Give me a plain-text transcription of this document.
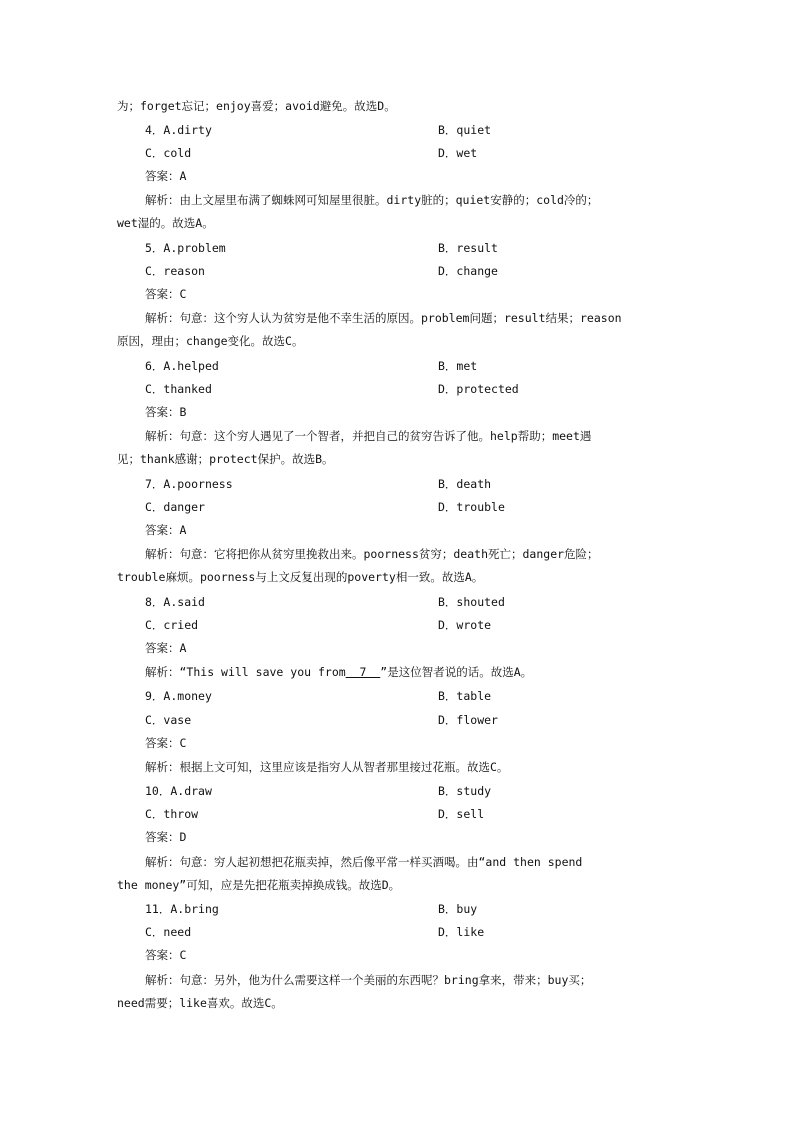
为；forget忘记；enjoy喜爱；avoid避免。故选D。
4．A.dirty	B．quiet
C．cold	D．wet
答案：A
解析：由上文屋里布满了蜘蛛网可知屋里很脏。dirty脏的；quiet安静的；cold冷的；
wet湿的。故选A。
5．A.problem	B．result
C．reason	D．change
答案：C
解析：句意：这个穷人认为贫穷是他不幸生活的原因。problem问题；result结果；reason
原因，理由；change变化。故选C。
6．A.helped	B．met
C．thanked	D．protected
答案：B
解析：句意：这个穷人遇见了一个智者，并把自己的贫穷告诉了他。help帮助；meet遇
见；thank感谢；protect保护。故选B。
7．A.poorness	B．death
C．danger	D．trouble
答案：A
解析：句意：它将把你从贫穷里挽救出来。poorness贫穷；death死亡；danger危险；
trouble麻烦。poorness与上文反复出现的poverty相一致。故选A。
8．A.said	B．shouted
C．cried	D．wrote
答案：A
解析：“This will save you from  7  ”是这位智者说的话。故选A。
9．A.money	B．table
C．vase	D．flower
答案：C
解析：根据上文可知，这里应该是指穷人从智者那里接过花瓶。故选C。
10．A.draw	B．study
C．throw	D．sell
答案：D
解析：句意：穷人起初想把花瓶卖掉，然后像平常一样买酒喝。由“and then spend
the money”可知，应是先把花瓶卖掉换成钱。故选D。
11．A.bring	B．buy
C．need	D．like
答案：C
解析：句意：另外，他为什么需要这样一个美丽的东西呢？bring拿来，带来；buy买；
need需要；like喜欢。故选C。
